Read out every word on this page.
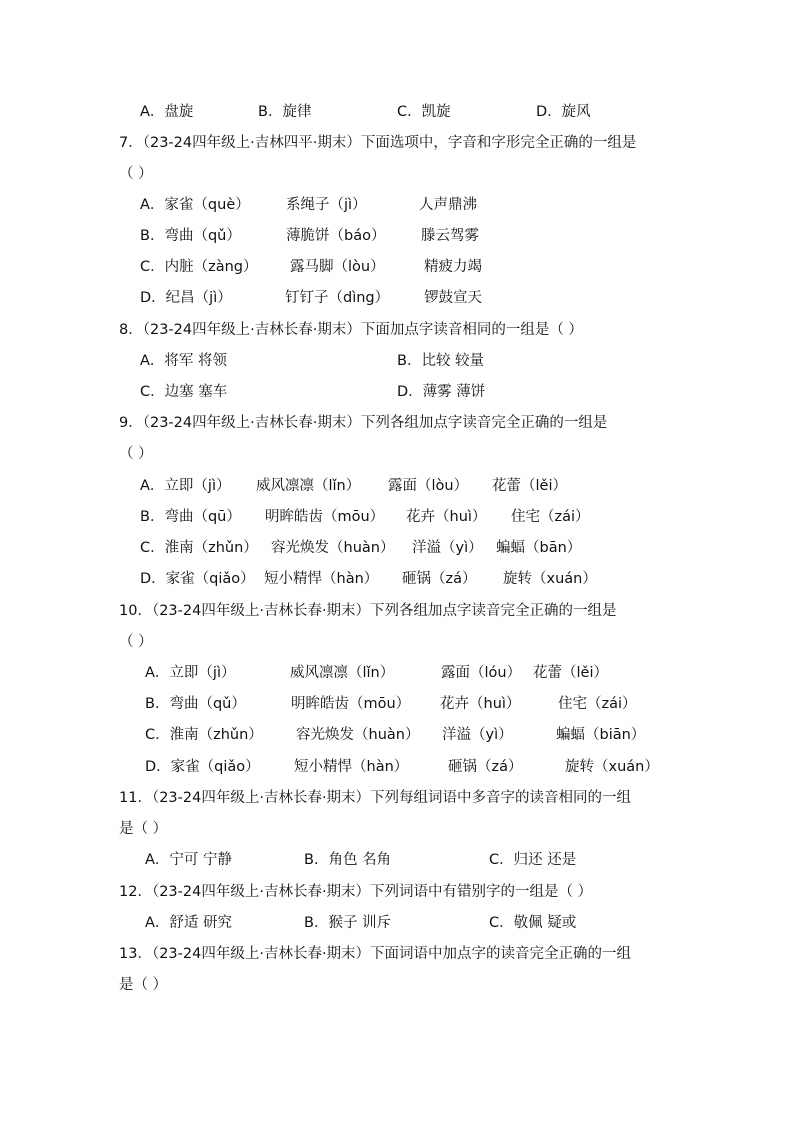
A．盘旋	B．旋律	C．凯旋	D．旋风
7．（23-24四年级上·吉林四平·期末）下面选项中，字音和字形完全正确的一组是
（ ）
A．家雀（què）	系绳子（jì）	人声鼎沸
B．弯曲（qǔ）	薄脆饼（báo） 滕云驾雾
C．内脏（zàng） 露马脚（lòu）	精疲力竭
D．纪昌（jì）	钉钉子（dìng） 锣鼓宣天
8．（23-24四年级上·吉林长春·期末）下面加点字读音相同的一组是（ ）
A．将军 将领	B．比较 较量
C．边塞 塞车	D．薄雾 薄饼
9．（23-24四年级上·吉林长春·期末）下列各组加点字读音完全正确的一组是
（ ）
A．立即（jì） 威风凛凛（lǐn） 露面（lòu） 花蕾（lěi）
B．弯曲（qū） 明眸皓齿（mōu） 花卉（huì） 住宅（zái）
C．淮南（zhǔn） 容光焕发（huàn） 洋溢（yì） 蝙蝠（bān）
D．家雀（qiǎo） 短小精悍（hàn） 砸锅（zá） 旋转（xuán）
10．（23-24四年级上·吉林长春·期末）下列各组加点字读音完全正确的一组是
（ ）
A．立即（jì）	威风凛凛（lǐn）	露面（lóu） 花蕾（lěi）
B．弯曲（qǔ）	明眸皓齿（mōu） 花卉（huì）	住宅（zái）
C．淮南（zhǔn） 容光焕发（huàn） 洋溢（yì）	蝙蝠（biān）
D．家雀（qiǎo） 短小精悍（hàn）	砸锅（zá）	旋转（xuán）
11．（23-24四年级上·吉林长春·期末）下列每组词语中多音字的读音相同的一组
是（ ）
A．宁可 宁静	B．角色 名角	C．归还 还是
12．（23-24四年级上·吉林长春·期末）下列词语中有错别字的一组是（ ）
A．舒适 研究	B．猴子 训斥	C．敬佩 疑或
13．（23-24四年级上·吉林长春·期末）下面词语中加点字的读音完全正确的一组
是（ ）
